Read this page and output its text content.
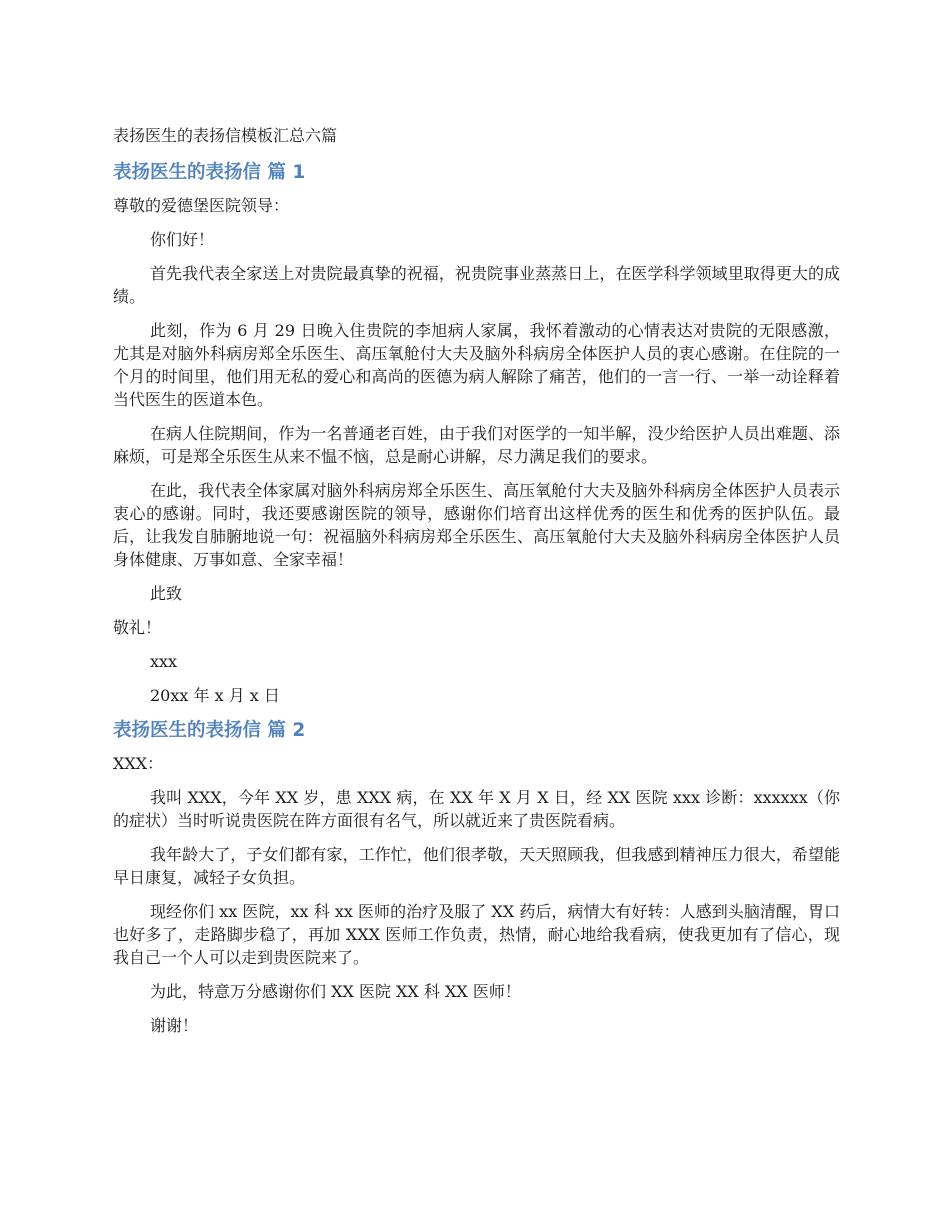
表扬医生的表扬信模板汇总六篇
表扬医生的表扬信 篇 1
尊敬的爱德堡医院领导：
你们好！
首先我代表全家送上对贵院最真挚的祝福，祝贵院事业蒸蒸日上，在医学科学领域里取得更大的成绩。
此刻，作为 6 月 29 日晚入住贵院的李旭病人家属，我怀着激动的心情表达对贵院的无限感激，尤其是对脑外科病房郑全乐医生、高压氧舱付大夫及脑外科病房全体医护人员的衷心感谢。在住院的一个月的时间里，他们用无私的爱心和高尚的医德为病人解除了痛苦，他们的一言一行、一举一动诠释着当代医生的医道本色。
在病人住院期间，作为一名普通老百姓，由于我们对医学的一知半解，没少给医护人员出难题、添麻烦，可是郑全乐医生从来不愠不恼，总是耐心讲解，尽力满足我们的要求。
在此，我代表全体家属对脑外科病房郑全乐医生、高压氧舱付大夫及脑外科病房全体医护人员表示衷心的感谢。同时，我还要感谢医院的领导，感谢你们培育出这样优秀的医生和优秀的医护队伍。最后，让我发自肺腑地说一句：祝福脑外科病房郑全乐医生、高压氧舱付大夫及脑外科病房全体医护人员身体健康、万事如意、全家幸福！
此致
敬礼！
xxx
20xx 年 x 月 x 日
表扬医生的表扬信 篇 2
XXX：
我叫 XXX，今年 XX 岁，患 XXX 病，在 XX 年 X 月 X 日，经 XX 医院 xxx 诊断：xxxxxx（你的症状）当时听说贵医院在阵方面很有名气，所以就近来了贵医院看病。
我年龄大了，子女们都有家，工作忙，他们很孝敬，天天照顾我，但我感到精神压力很大，希望能早日康复，减轻子女负担。
现经你们 xx 医院，xx 科 xx 医师的治疗及服了 XX 药后，病情大有好转：人感到头脑清醒，胃口也好多了，走路脚步稳了，再加 XXX 医师工作负责，热情，耐心地给我看病，使我更加有了信心，现我自己一个人可以走到贵医院来了。
为此，特意万分感谢你们 XX 医院 XX 科 XX 医师！
谢谢！
